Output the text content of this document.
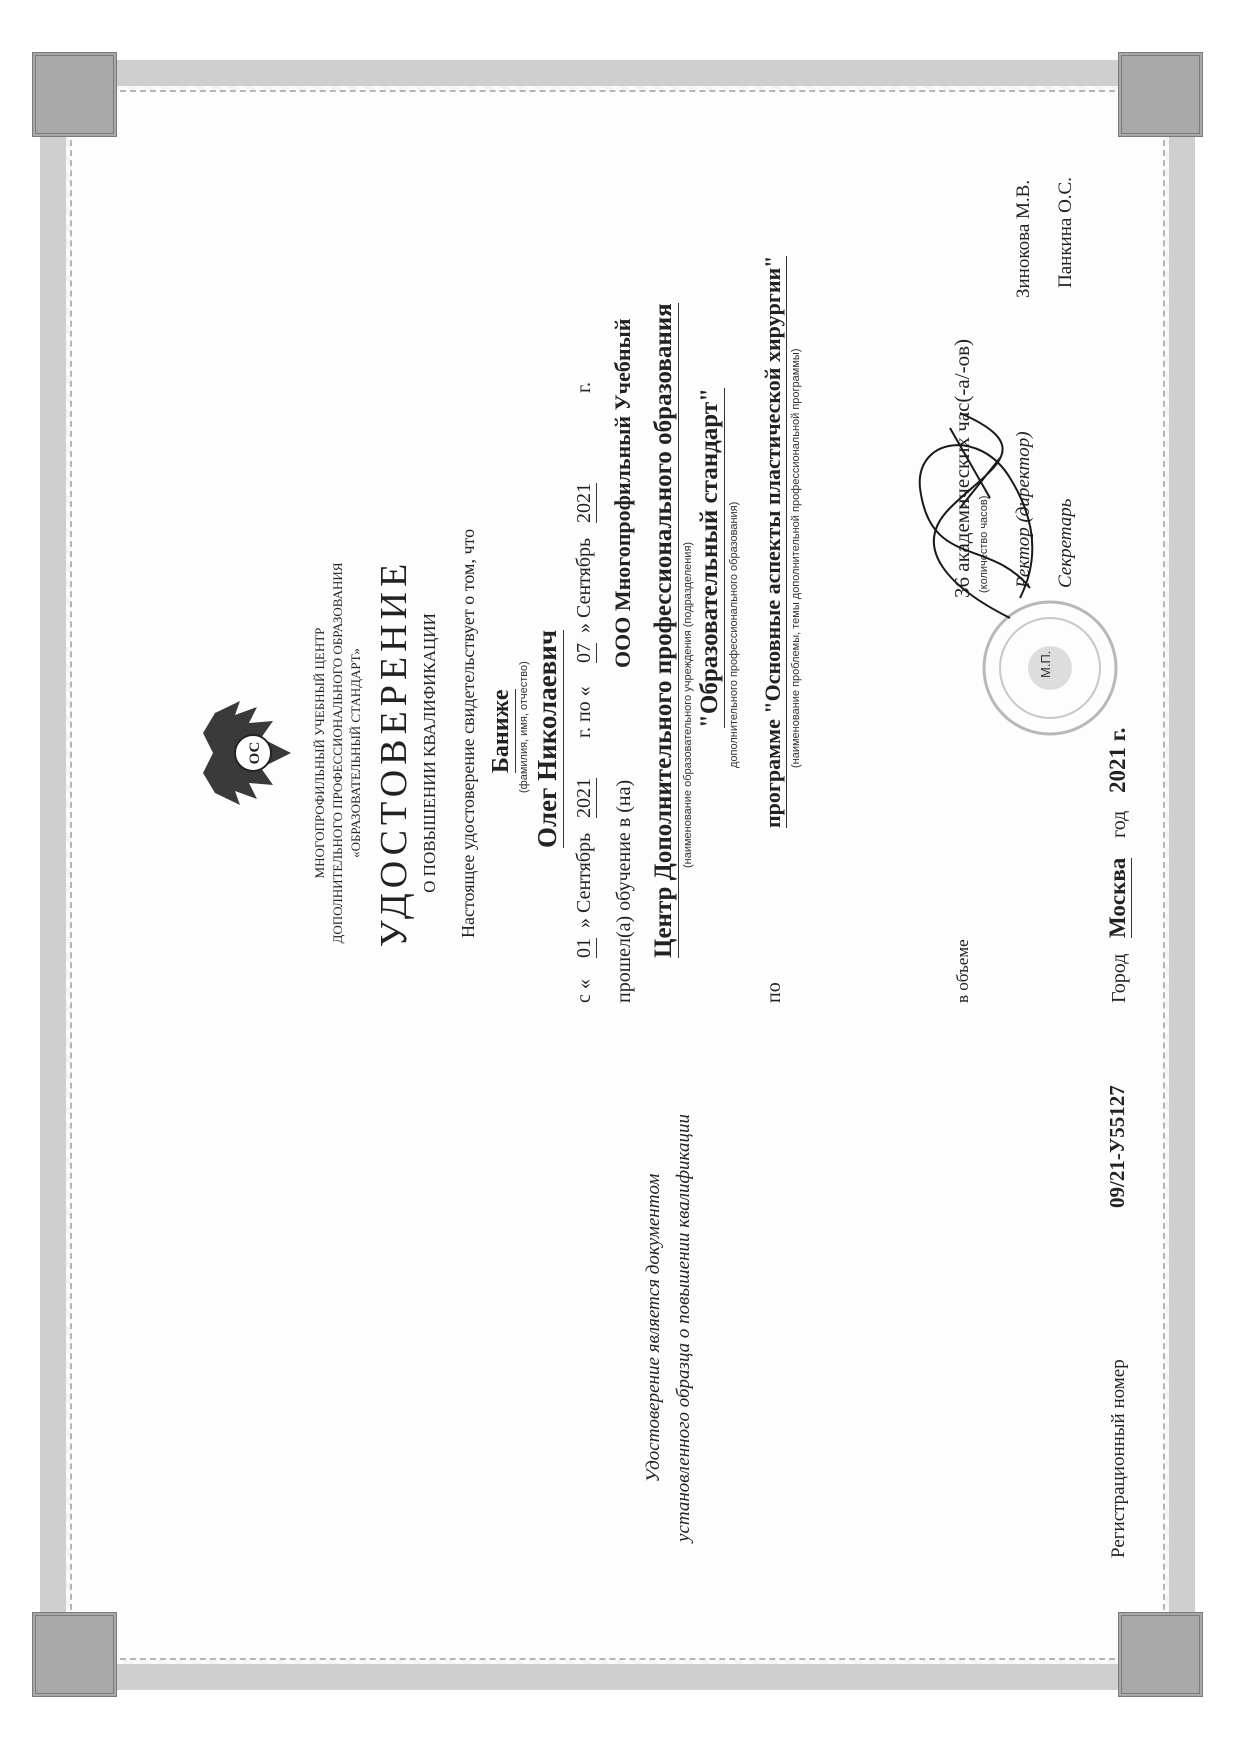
ОС	МНОГОПРОФИЛЬНЫЙ УЧЕБНЫЙ ЦЕНТР ДОПОЛНИТЕЛЬНОГО ПРОФЕССИОНАЛЬНОГО ОБРАЗОВАНИЯ «ОБРАЗОВАТЕЛЬНЫЙ СТАНДАРТ» УДОСТОВЕРЕНИЕ О ПОВЫШЕНИИ КВАЛИФИКАЦИИ Настоящее удостоверение свидетельствует о том, что Банижe (фамилия, имя, отчество) Олег Николаевич
с «
01
» Сентябрь
2021
г. по «
07
» Сентябрь
2021
г.
прошел(а) обучение в (на)
ООО Многопрофильный Учебный Центр Дополнительного профессионального образования (наименование образовательного учреждения (подразделения) "Образовательный стандарт" дополнительного профессионального образования)
по
программе "Основные аспекты пластической хирургии" (наименование проблемы, темы дополнительной профессиональной программы)
в объеме
36 академических час(-а/-ов) (количество часов)
М.П.
Ректор (директор)
Зинокова М.В.
Секретарь
Панкина О.С.
Город
Москва
год
2021 г.
Удостоверение является документом установленного образца о повышении квалификации	Регистрационный номер
09/21-У55127
